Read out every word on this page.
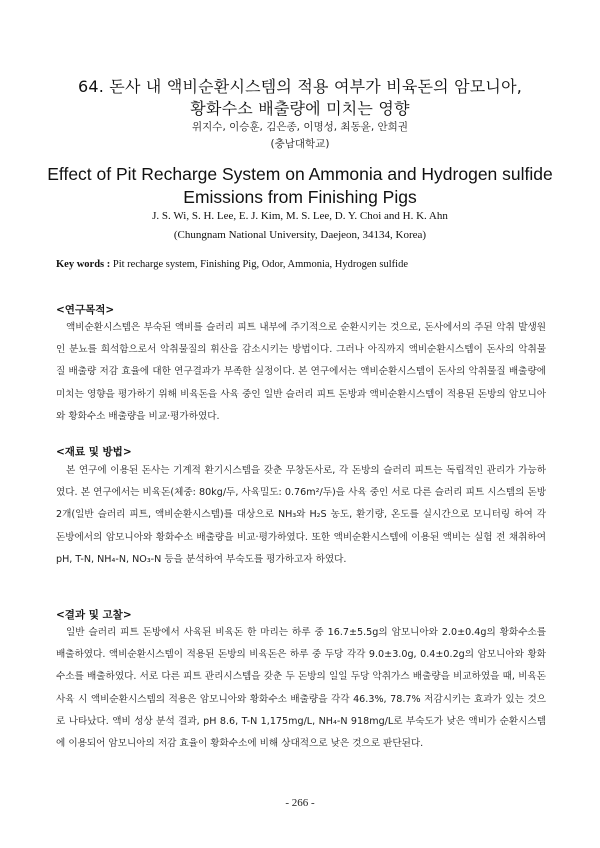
64. 돈사 내 액비순환시스템의 적용 여부가 비육돈의 암모니아,
황화수소 배출량에 미치는 영향
위지수, 이승훈, 김은종, 이명성, 최동윤, 안희권
(충남대학교)
Effect of Pit Recharge System on Ammonia and Hydrogen sulfide
Emissions from Finishing Pigs
J. S. Wi, S. H. Lee, E. J. Kim, M. S. Lee, D. Y. Choi and H. K. Ahn
(Chungnam National University, Daejeon, 34134, Korea)
Key words : Pit recharge system, Finishing Pig, Odor, Ammonia, Hydrogen sulfide
<연구목적>

액비순환시스템은 부숙된 액비를 슬러리 피트 내부에 주기적으로 순환시키는 것으로, 돈사에서의 주된 악취 발생원인 분뇨를 희석함으로서 악취물질의 휘산을 감소시키는 방법이다. 그러나 아직까지 액비순환시스템이 돈사의 악취물질 배출량 저감 효율에 대한 연구결과가 부족한 실정이다. 본 연구에서는 액비순환시스템이 돈사의 악취물질 배출량에 미치는 영향을 평가하기 위해 비육돈을 사육 중인 일반 슬러리 피트 돈방과 액비순환시스템이 적용된 돈방의 암모니아와 황화수소 배출량을 비교·평가하였다.

<재료 및 방법>

본 연구에 이용된 돈사는 기계적 환기시스템을 갖춘 무창돈사로, 각 돈방의 슬러리 피트는 독립적인 관리가 가능하였다. 본 연구에서는 비육돈(체중: 80kg/두, 사육밀도: 0.76m²/두)을 사육 중인 서로 다른 슬러리 피트 시스템의 돈방 2개(일반 슬러리 피트, 액비순환시스템)를 대상으로 NH₃와 H₂S 농도, 환기량, 온도를 실시간으로 모니터링 하여 각 돈방에서의 암모니아와 황화수소 배출량을 비교·평가하였다. 또한 액비순환시스템에 이용된 액비는 실험 전 채취하여 pH, T-N, NH₄-N, NO₃-N 등을 분석하여 부숙도를 평가하고자 하였다.

<결과 및 고찰>

일반 슬러리 피트 돈방에서 사육된 비육돈 한 마리는 하루 중 16.7±5.5g의 암모니아와 2.0±0.4g의 황화수소를 배출하였다. 액비순환시스템이 적용된 돈방의 비육돈은 하루 중 두당 각각 9.0±3.0g, 0.4±0.2g의 암모니아와 황화수소를 배출하였다. 서로 다른 피트 관리시스템을 갖춘 두 돈방의 일일 두당 악취가스 배출량을 비교하였을 때, 비육돈 사육 시 액비순환시스템의 적용은 암모니아와 황화수소 배출량을 각각 46.3%, 78.7% 저감시키는 효과가 있는 것으로 나타났다. 액비 성상 분석 결과, pH 8.6, T-N 1,175mg/L, NH₄-N 918mg/L로 부숙도가 낮은 액비가 순환시스템에 이용되어 암모니아의 저감 효율이 황화수소에 비해 상대적으로 낮은 것으로 판단된다.

- 266 -
